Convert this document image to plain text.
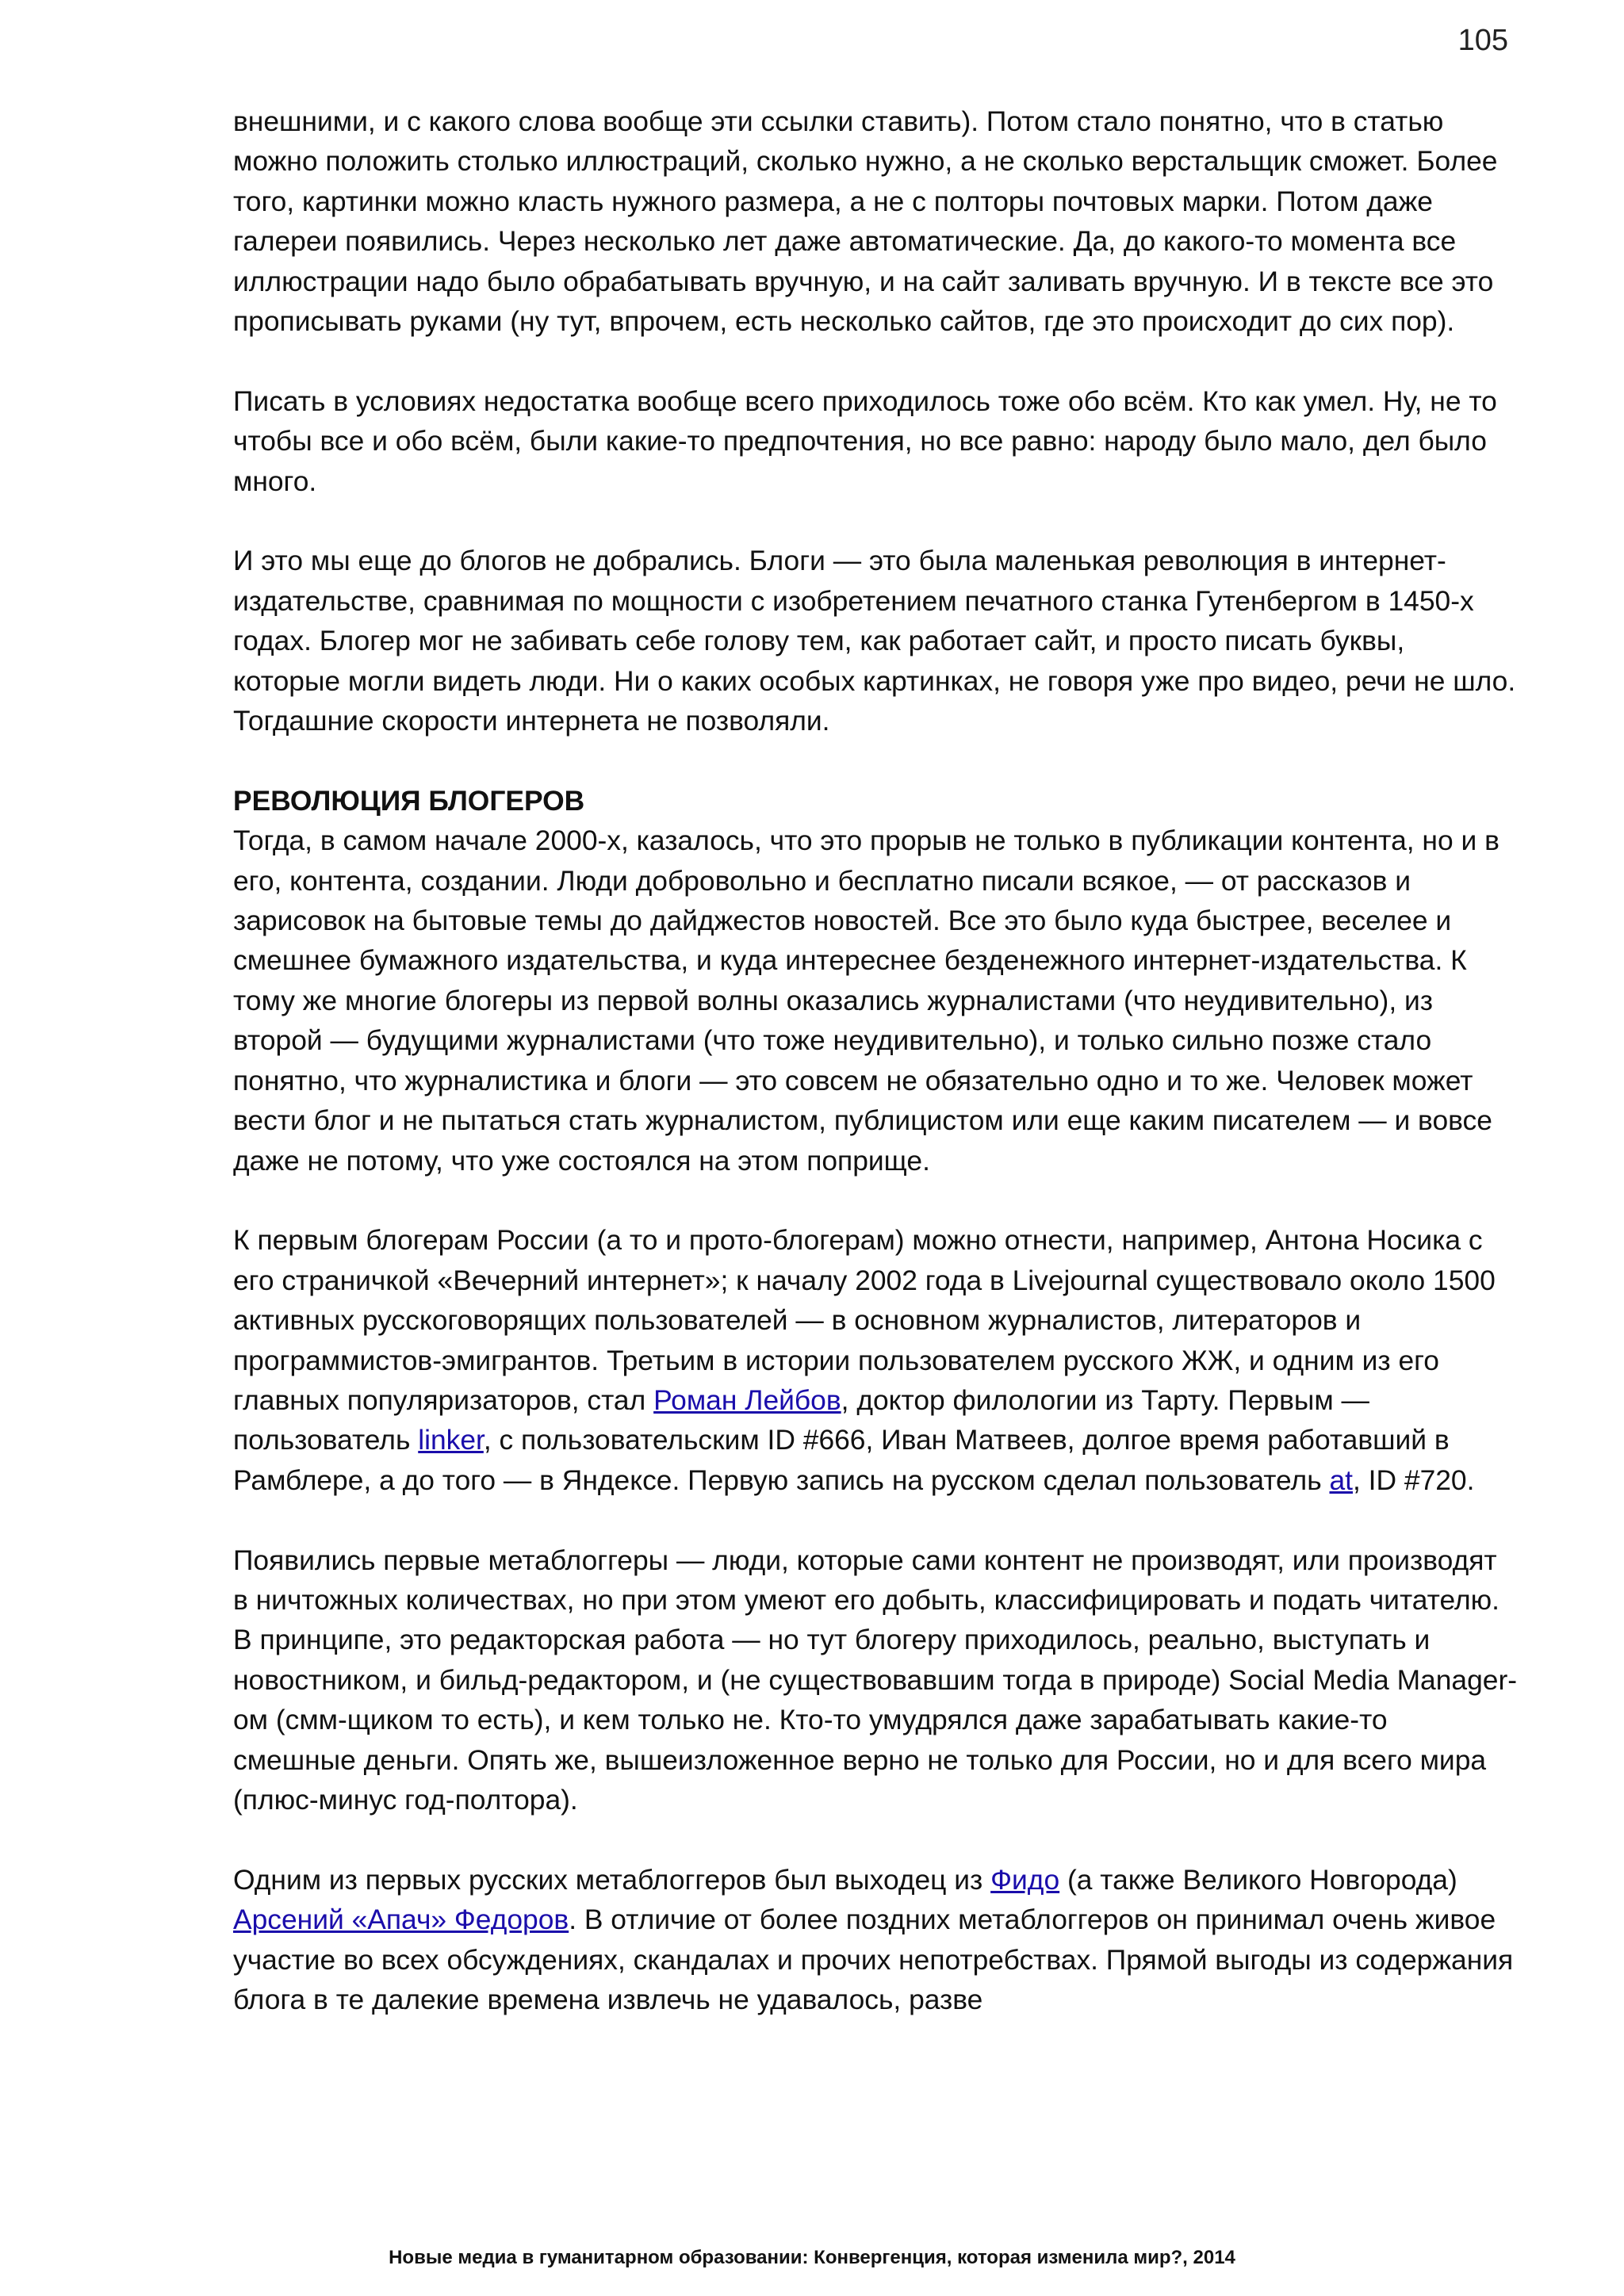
105

внешними, и с какого слова вообще эти ссылки ставить). Потом стало понятно, что в статью можно положить столько иллюстраций, сколько нужно, а не сколько верстальщик сможет. Более того, картинки можно класть нужного размера, а не с полторы почтовых марки. Потом даже галереи появились. Через несколько лет даже автоматические. Да, до какого-то момента все иллюстрации надо было обрабатывать вручную, и на сайт заливать вручную. И в тексте все это прописывать руками (ну тут, впрочем, есть несколько сайтов, где это происходит до сих пор).

Писать в условиях недостатка вообще всего приходилось тоже обо всём. Кто как умел. Ну, не то чтобы все и обо всём, были какие-то предпочтения, но все равно: народу было мало, дел было много.

И это мы еще до блогов не добрались. Блоги — это была маленькая революция в интернет-издательстве, сравнимая по мощности с изобретением печатного станка Гутенбергом в 1450-х годах. Блогер мог не забивать себе голову тем, как работает сайт, и просто писать буквы, которые могли видеть люди. Ни о каких особых картинках, не говоря уже про видео, речи не шло. Тогдашние скорости интернета не позволяли.

РЕВОЛЮЦИЯ БЛОГЕРОВ

Тогда, в самом начале 2000-х, казалось, что это прорыв не только в публикации контента, но и в его, контента, создании. Люди добровольно и бесплатно писали всякое, — от рассказов и зарисовок на бытовые темы до дайджестов новостей. Все это было куда быстрее, веселее и смешнее бумажного издательства, и куда интереснее безденежного интернет-издательства. К тому же многие блогеры из первой волны оказались журналистами (что неудивительно), из второй — будущими журналистами (что тоже неудивительно), и только сильно позже стало понятно, что журналистика и блоги — это совсем не обязательно одно и то же. Человек может вести блог и не пытаться стать журналистом, публицистом или еще каким писателем — и вовсе даже не потому, что уже состоялся на этом поприще.

К первым блогерам России (а то и прото-блогерам) можно отнести, например, Антона Носика с его страничкой «Вечерний интернет»; к началу 2002 года в Livejournal существовало около 1500 активных русскоговорящих пользователей — в основном журналистов, литераторов и программистов-эмигрантов. Третьим в истории пользователем русского ЖЖ, и одним из его главных популяризаторов, стал Роман Лейбов, доктор филологии из Тарту. Первым — пользователь linker, с пользовательским ID #666, Иван Матвеев, долгое время работавший в Рамблере, а до того — в Яндексе. Первую запись на русском сделал пользователь at, ID #720.

Появились первые метаблоггеры — люди, которые сами контент не производят, или производят в ничтожных количествах, но при этом умеют его добыть, классифицировать и подать читателю. В принципе, это редакторская работа — но тут блогеру приходилось, реально, выступать и новостником, и бильд-редактором, и (не существовавшим тогда в природе) Social Media Manager-ом (смм-щиком то есть), и кем только не. Кто-то умудрялся даже зарабатывать какие-то смешные деньги. Опять же, вышеизложенное верно не только для России, но и для всего мира (плюс-минус год-полтора).

Одним из первых русских метаблоггеров был выходец из Фидо (а также Великого Новгорода) Арсений «Апач» Федоров. В отличие от более поздних метаблоггеров он принимал очень живое участие во всех обсуждениях, скандалах и прочих непотребствах. Прямой выгоды из содержания блога в те далекие времена извлечь не удавалось, разве

Новые медиа в гуманитарном образовании: Конвергенция, которая изменила мир?, 2014
